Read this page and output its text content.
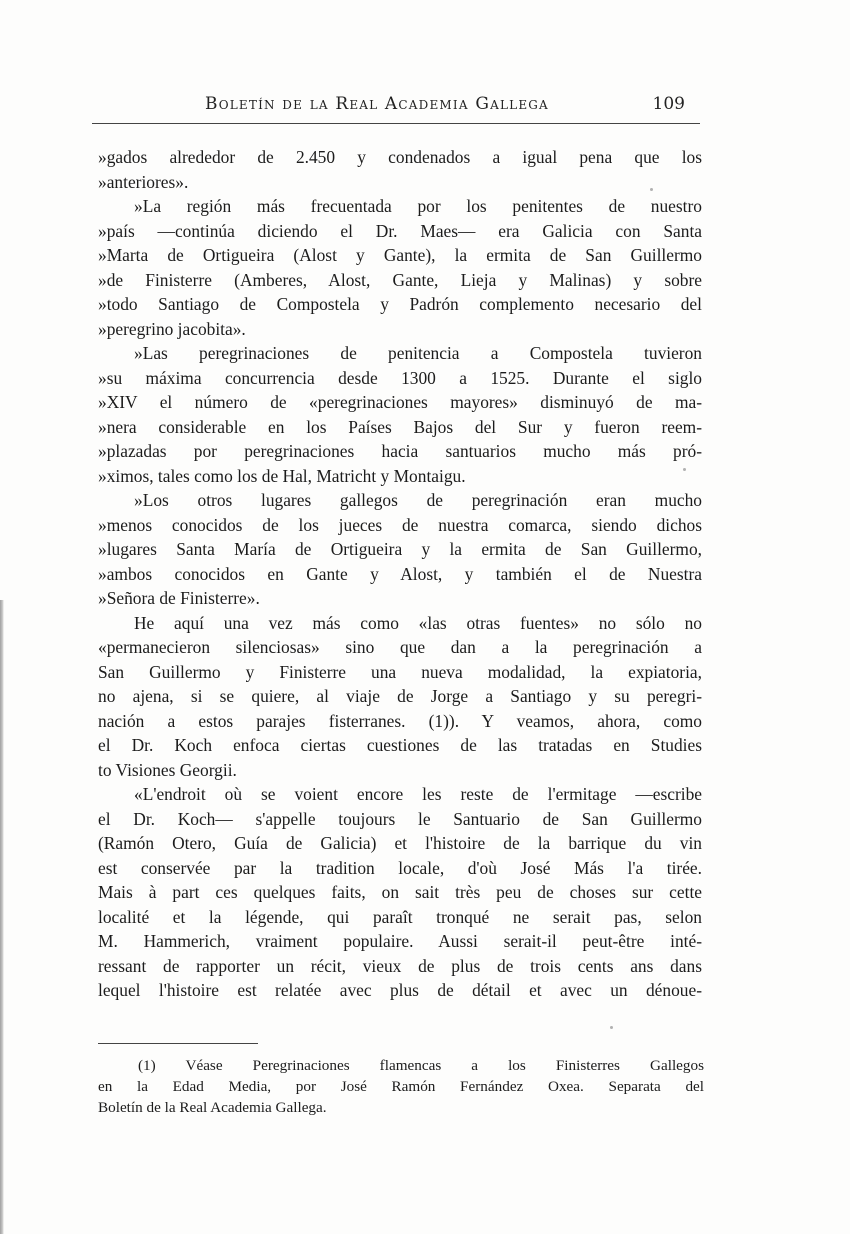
Boletín de la Real Academia Gallega	109
»gados alrededor de 2.450 y condenados a igual pena que los
»anteriores».
»La región más frecuentada por los penitentes de nuestro
»país —continúa diciendo el Dr. Maes— era Galicia con Santa
»Marta de Ortigueira (Alost y Gante), la ermita de San Guillermo
»de Finisterre (Amberes, Alost, Gante, Lieja y Malinas) y sobre
»todo Santiago de Compostela y Padrón complemento necesario del
»peregrino jacobita».
»Las peregrinaciones de penitencia a Compostela tuvieron
»su máxima concurrencia desde 1300 a 1525. Durante el siglo
»XIV el número de «peregrinaciones mayores» disminuyó de ma-
»nera considerable en los Países Bajos del Sur y fueron reem-
»plazadas por peregrinaciones hacia santuarios mucho más pró-
»ximos, tales como los de Hal, Matricht y Montaigu.
»Los otros lugares gallegos de peregrinación eran mucho
»menos conocidos de los jueces de nuestra comarca, siendo dichos
»lugares Santa María de Ortigueira y la ermita de San Guillermo,
»ambos conocidos en Gante y Alost, y también el de Nuestra
»Señora de Finisterre».
He aquí una vez más como «las otras fuentes» no sólo no
«permanecieron silenciosas» sino que dan a la peregrinación a
San Guillermo y Finisterre una nueva modalidad, la expiatoria,
no ajena, si se quiere, al viaje de Jorge a Santiago y su peregri-
nación a estos parajes fisterranes. (1)). Y veamos, ahora, como
el Dr. Koch enfoca ciertas cuestiones de las tratadas en Studies
to Visiones Georgii.
«L'endroit où se voient encore les reste de l'ermitage —escribe
el Dr. Koch— s'appelle toujours le Santuario de San Guillermo
(Ramón Otero, Guía de Galicia) et l'histoire de la barrique du vin
est conservée par la tradition locale, d'où José Más l'a tirée.
Mais à part ces quelques faits, on sait très peu de choses sur cette
localité et la légende, qui paraît tronqué ne serait pas, selon
M. Hammerich, vraiment populaire. Aussi serait-il peut-être inté-
ressant de rapporter un récit, vieux de plus de trois cents ans dans
lequel l'histoire est relatée avec plus de détail et avec un dénoue-
(1) Véase Peregrinaciones flamencas a los Finisterres Gallegos
en la Edad Media, por José Ramón Fernández Oxea. Separata del
Boletín de la Real Academia Gallega.
